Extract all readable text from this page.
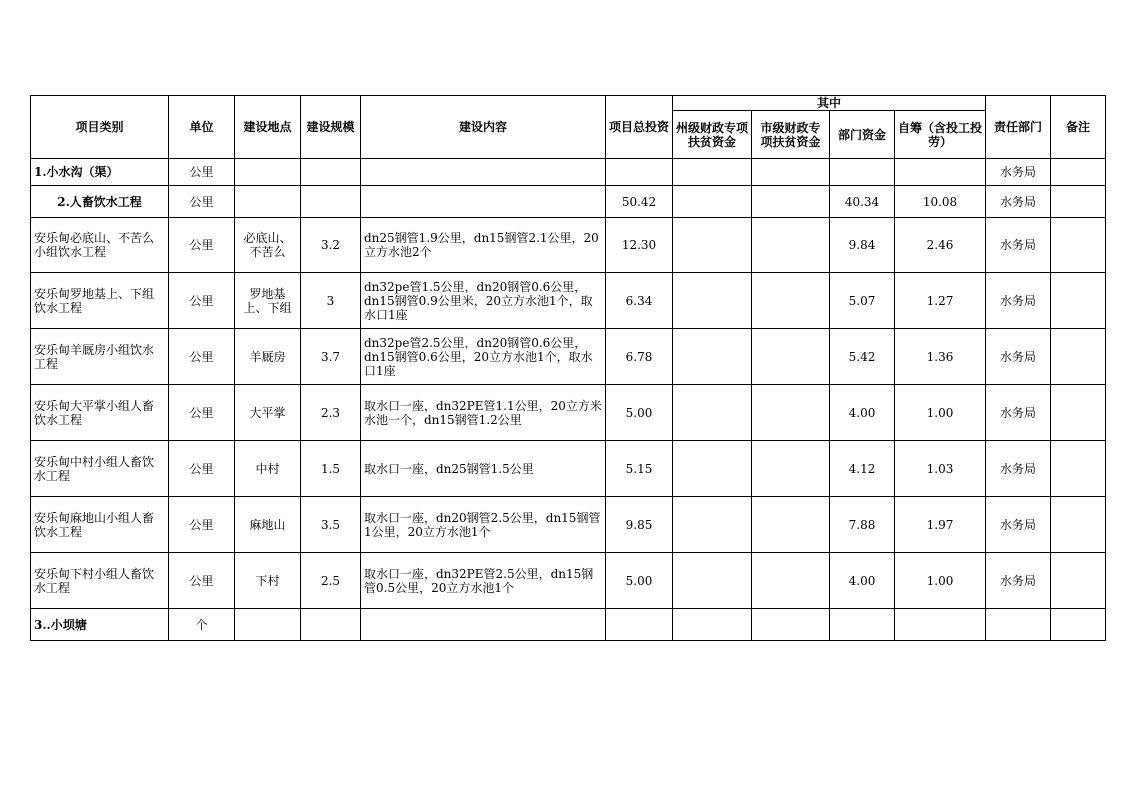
项目类别	单位	建设地点	建设规模	建设内容	项目总投资	其中				责任部门	备注
						州级财政专项扶贫资金	市级财政专项扶贫资金	部门资金	自筹（含投工投劳）		
1.小水沟（渠）	公里									水务局	
2.人畜饮水工程	公里				50.42			40.34	10.08	水务局	
安乐甸必底山、不苦么小组饮水工程	公里	必底山、不苦么	3.2	dn25钢管1.9公里，dn15钢管2.1公里，20立方水池2个	12.30			9.84	2.46	水务局	
安乐甸罗地基上、下组饮水工程	公里	罗地基上、下组	3	dn32pe管1.5公里，dn20钢管0.6公里，dn15钢管0.9公里米，20立方水池1个，取水口1座	6.34			5.07	1.27	水务局	
安乐甸羊厩房小组饮水工程	公里	羊厩房	3.7	dn32pe管2.5公里，dn20钢管0.6公里，dn15钢管0.6公里，20立方水池1个，取水口1座	6.78			5.42	1.36	水务局	
安乐甸大平掌小组人畜饮水工程	公里	大平掌	2.3	取水口一座，dn32PE管1.1公里，20立方米水池一个，dn15钢管1.2公里	5.00			4.00	1.00	水务局	
安乐甸中村小组人畜饮水工程	公里	中村	1.5	取水口一座，dn25钢管1.5公里	5.15			4.12	1.03	水务局	
安乐甸麻地山小组人畜饮水工程	公里	麻地山	3.5	取水口一座，dn20钢管2.5公里，dn15钢管1公里，20立方水池1个	9.85			7.88	1.97	水务局	
安乐甸下村小组人畜饮水工程	公里	下村	2.5	取水口一座，dn32PE管2.5公里，dn15钢管0.5公里，20立方水池1个	5.00			4.00	1.00	水务局	
3..小坝塘	个										
